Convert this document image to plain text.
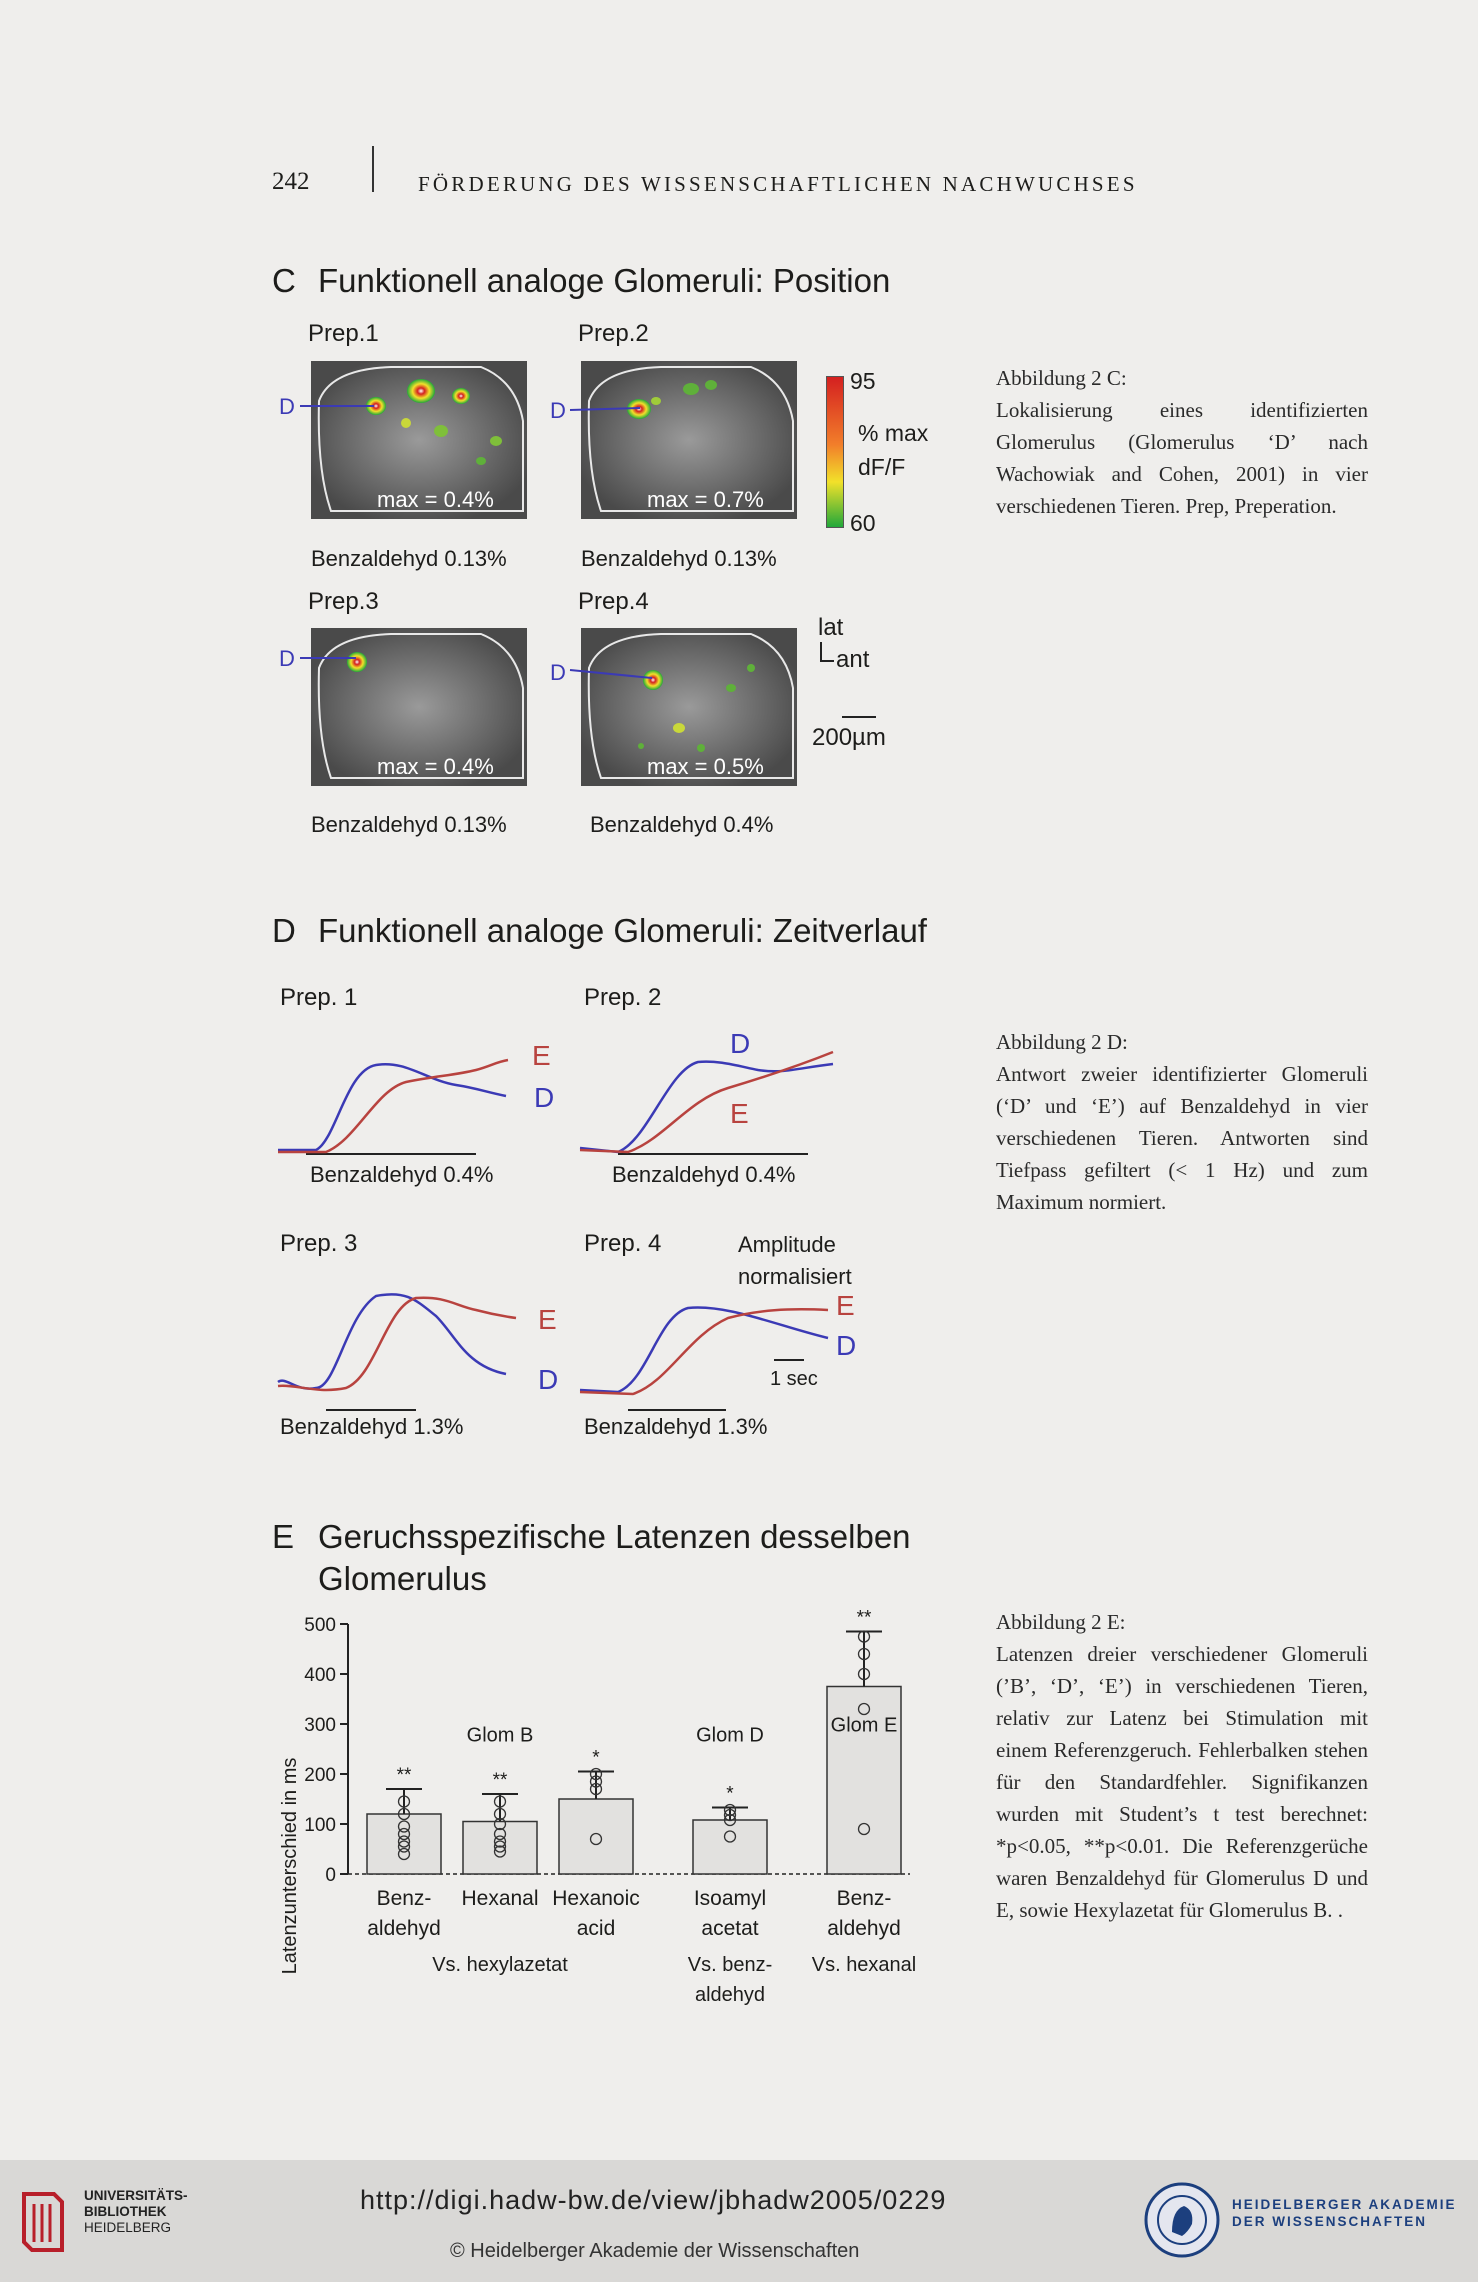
242	FÖRDERUNG DES WISSENSCHAFTLICHEN NACHWUCHSES
C Funktionell analoge Glomeruli: Position
Prep.1	Prep.2
Prep.3	Prep.4
max = 0.4%	max = 0.7%
max = 0.4%	max = 0.5%
D	D
D
D
Benzaldehyd 0.13%	Benzaldehyd 0.13%
Benzaldehyd 0.13%	Benzaldehyd 0.4%
95
% max
dF/F
60
lat
ant
200µm

Abbildung 2 C:

Lokalisierung eines identifizierten Glomerulus (Glomerulus ‘D’ nach Wachowiak and Cohen, 2001) in vier verschiedenen Tieren. Prep, Preperation.

D Funktionell analoge Glomeruli: Zeitverlauf
Prep. 1	Prep. 2
Prep. 3	Prep. 4
E
D
D
E
Benzaldehyd 0.4%	Benzaldehyd 0.4%
E
D
Amplitude
normalisiert
E
D
1 sec
Benzaldehyd 1.3%	Benzaldehyd 1.3%

Abbildung 2 D:

Antwort zweier identifizierter Glomeruli (‘D’ und ‘E’) auf Benzaldehyd in vier verschiedenen Tieren. Antworten sind Tiefpass gefiltert (< 1 Hz) und zum Maximum normiert.

E Geruchsspezifische Latenzen desselben
Glomerulus
Latenzunterschied in ms 0
100
200
300
400
500
**	**
*
*
**
Glom B	Glom D	Glom E
Benz-
aldehyd
Hexanal Hexanoic
acid
Isoamyl
acetat
Benz-
aldehyd
Vs. hexylazetat	Vs. benz-
aldehyd
Vs. hexanal

Abbildung 2 E:

Latenzen dreier verschiedener Glomeruli (’B’, ‘D’, ‘E’) in verschiedenen Tieren, relativ zur Latenz bei Stimulation mit einem Referenzgeruch. Fehlerbalken stehen für den Standardfehler. Signifikanzen wurden mit Student’s t test berechnet: *p<0.05, **p<0.01. Die Referenzgerüche waren Benzaldehyd für Glomerulus D und E, sowie Hexylazetat für Glomerulus B. .

UNIVERSITÄTS-
BIBLIOTHEK
HEIDELBERG
http://digi.hadw-bw.de/view/jbhadw2005/0229
© Heidelberger Akademie der Wissenschaften
HEIDELBERGER AKADEMIE
DER WISSENSCHAFTEN
